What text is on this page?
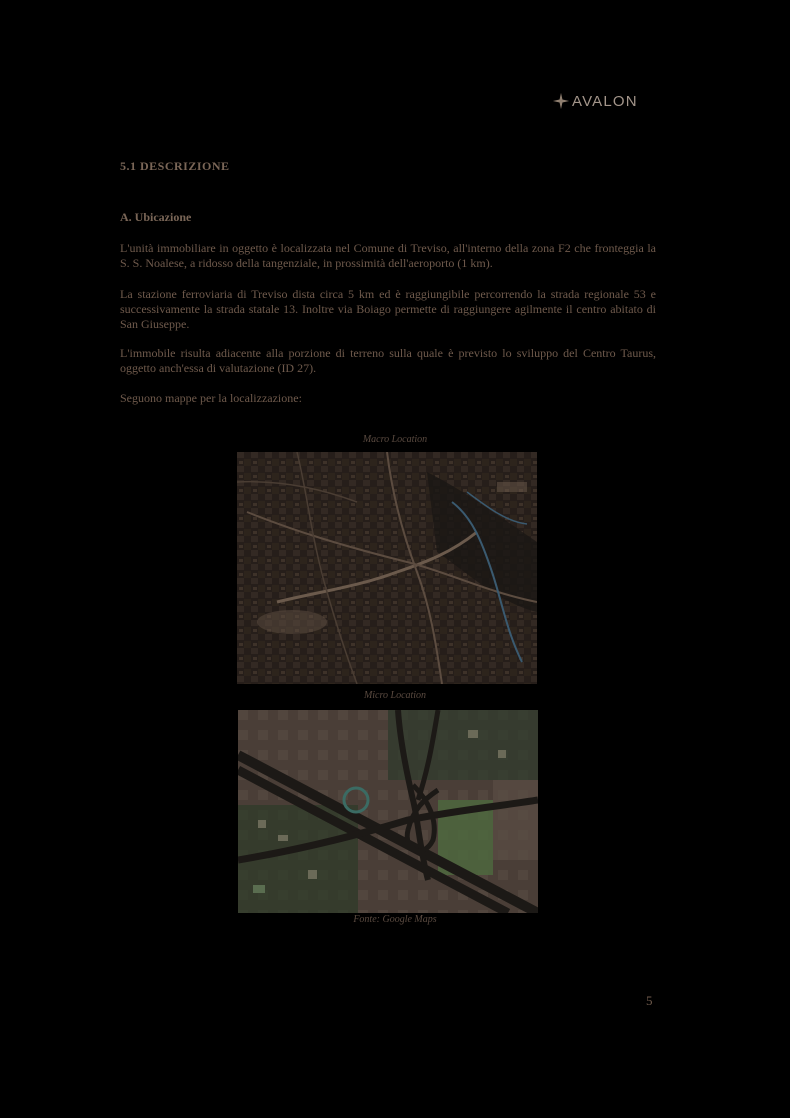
AVALON
5.1 DESCRIZIONE
A. Ubicazione

L'unità immobiliare in oggetto è localizzata nel Comune di Treviso, all'interno della zona F2 che fronteggia la S. S. Noalese, a ridosso della tangenziale, in prossimità dell'aeroporto (1 km).

La stazione ferroviaria di Treviso dista circa 5 km ed è raggiungibile percorrendo la strada regionale 53 e successivamente la strada statale 13. Inoltre via Boiago permette di raggiungere agilmente il centro abitato di San Giuseppe.

L'immobile risulta adiacente alla porzione di terreno sulla quale è previsto lo sviluppo del Centro Taurus, oggetto anch'essa di valutazione (ID 27).

Seguono mappe per la localizzazione:

Macro Location
Micro Location
Fonte: Google Maps
5
